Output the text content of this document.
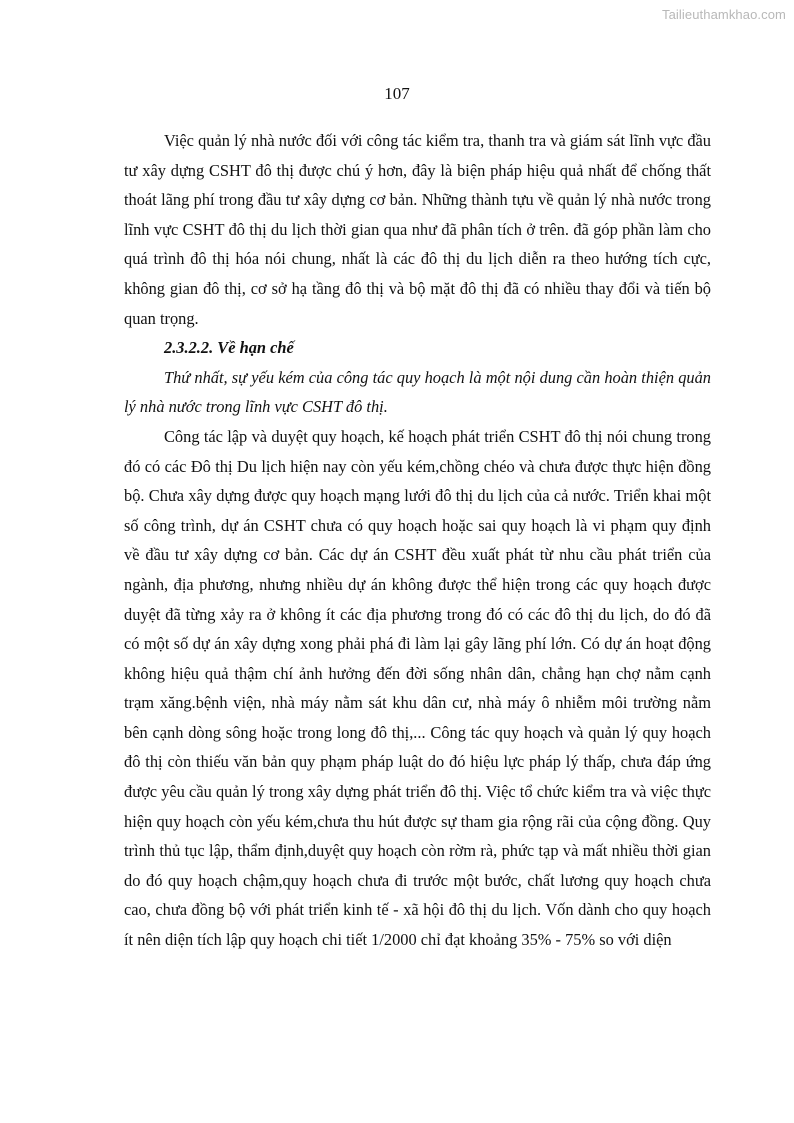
Tailieuthamkhao.com
107

Việc quản lý nhà nước đối với công tác kiểm tra, thanh tra và giám sát lĩnh vực đầu tư xây dựng CSHT đô thị được chú ý hơn, đây là biện pháp hiệu quả nhất để chống thất thoát lãng phí trong đầu tư xây dựng cơ bản. Những thành tựu về quản lý nhà nước trong lĩnh vực CSHT đô thị du lịch thời gian qua như đã phân tích ở trên. đã góp phần làm cho quá trình đô thị hóa nói chung, nhất là các đô thị du lịch diễn ra theo hướng tích cực, không gian đô thị, cơ sở hạ tầng đô thị và bộ mặt đô thị đã có nhiều thay đổi và tiến bộ quan trọng.

2.3.2.2. Về hạn chế

Thứ nhất, sự yếu kém của công tác quy hoạch là một nội dung cần hoàn thiện quản lý nhà nước trong lĩnh vực CSHT đô thị.

Công tác lập và duyệt quy hoạch, kế hoạch phát triển CSHT đô thị nói chung trong đó có các Đô thị Du lịch hiện nay còn yếu kém,chồng chéo và chưa được thực hiện đồng bộ. Chưa xây dựng được quy hoạch mạng lưới đô thị du lịch của cả nước. Triển khai một số công trình, dự án CSHT chưa có quy hoạch hoặc sai quy hoạch là vi phạm quy định về đầu tư xây dựng cơ bản. Các dự án CSHT đều xuất phát từ nhu cầu phát triển của ngành, địa phương, nhưng nhiều dự án không được thể hiện trong các quy hoạch được duyệt đã từng xảy ra ở không ít các địa phương trong đó có các đô thị du lịch, do đó đã có một số dự án xây dựng xong phải phá đi làm lại gây lãng phí lớn. Có dự án hoạt động không hiệu quả thậm chí ảnh hưởng đến đời sống nhân dân, chẳng hạn chợ nằm cạnh trạm xăng.bệnh viện, nhà máy nằm sát khu dân cư, nhà máy ô nhiễm môi trường nằm bên cạnh dòng sông hoặc trong long đô thị,... Công tác quy hoạch và quản lý quy hoạch đô thị còn thiếu văn bản quy phạm pháp luật do đó hiệu lực pháp lý thấp, chưa đáp ứng được yêu cầu quản lý trong xây dựng phát triển đô thị. Việc tổ chức kiểm tra và việc thực hiện quy hoạch còn yếu kém,chưa thu hút được sự tham gia rộng rãi của cộng đồng. Quy trình thủ tục lập, thẩm định,duyệt quy hoạch còn rờm rà, phức tạp và mất nhiều thời gian do đó quy hoạch chậm,quy hoạch chưa đi trước một bước, chất lương quy hoạch chưa cao, chưa đồng bộ với phát triển kinh tế - xã hội đô thị du lịch. Vốn dành cho quy hoạch ít nên diện tích lập quy hoạch chi tiết 1/2000 chỉ đạt khoảng 35% - 75% so với diện
